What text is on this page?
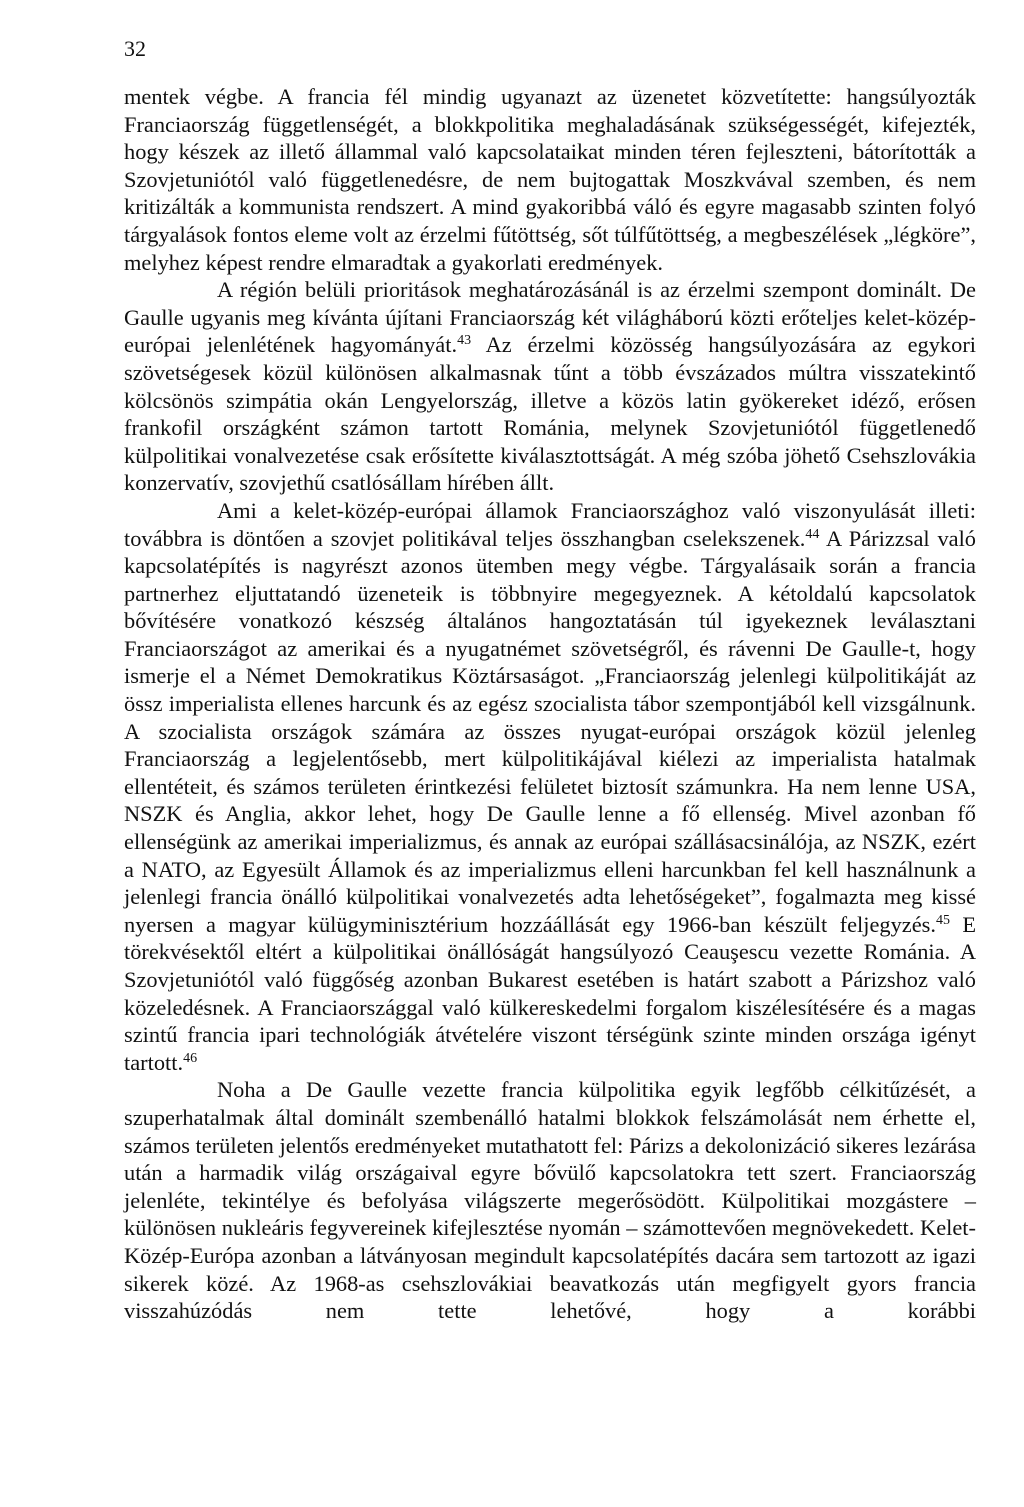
32

mentek végbe. A francia fél mindig ugyanazt az üzenetet közvetítette: hangsúlyozták Franciaország függetlenségét, a blokkpolitika meghaladásának szükségességét, kifejezték, hogy készek az illető állammal való kapcsolataikat minden téren fejleszteni, bátorították a Szovjetuniótól való függetlenedésre, de nem bujtogattak Moszkvával szemben, és nem kritizálták a kommunista rendszert. A mind gyakoribbá váló és egyre magasabb szinten folyó tárgyalások fontos eleme volt az érzelmi fűtöttség, sőt túlfűtöttség, a megbeszélések „légköre”, melyhez képest rendre elmaradtak a gyakorlati eredmények.

A régión belüli prioritások meghatározásánál is az érzelmi szempont dominált. De Gaulle ugyanis meg kívánta újítani Franciaország két világháború közti erőteljes kelet-közép-európai jelenlétének hagyományát.$^{43}$ Az érzelmi közösség hangsúlyozására az egykori szövetségesek közül különösen alkalmasnak tűnt a több évszázados múltra visszatekintő kölcsönös szimpátia okán Lengyelország, illetve a közös latin gyökereket idéző, erősen frankofil országként számon tartott Románia, melynek Szovjetuniótól függetlenedő külpolitikai vonalvezetése csak erősítette kiválasztottságát. A még szóba jöhető Csehszlovákia konzervatív, szovjethű csatlósállam hírében állt.

Ami a kelet-közép-európai államok Franciaországhoz való viszonyulását illeti: továbbra is döntően a szovjet politikával teljes összhangban cselekszenek.$^{44}$ A Párizzsal való kapcsolatépítés is nagyrészt azonos ütemben megy végbe. Tárgyalásaik során a francia partnerhez eljuttatandó üzeneteik is többnyire megegyeznek. A kétoldalú kapcsolatok bővítésére vonatkozó készség általános hangoztatásán túl igyekeznek leválasztani Franciaországot az amerikai és a nyugatnémet szövetségről, és rávenni De Gaulle-t, hogy ismerje el a Német Demokratikus Köztársaságot. „Franciaország jelenlegi külpolitikáját az össz imperialista ellenes harcunk és az egész szocialista tábor szempontjából kell vizsgálnunk. A szocialista országok számára az összes nyugat-európai országok közül jelenleg Franciaország a legjelentősebb, mert külpolitikájával kiélezi az imperialista hatalmak ellentéteit, és számos területen érintkezési felületet biztosít számunkra. Ha nem lenne USA, NSZK és Anglia, akkor lehet, hogy De Gaulle lenne a fő ellenség. Mivel azonban fő ellenségünk az amerikai imperializmus, és annak az európai szállásacsinálója, az NSZK, ezért a NATO, az Egyesült Államok és az imperializmus elleni harcunkban fel kell használnunk a jelenlegi francia önálló külpolitikai vonalvezetés adta lehetőségeket”, fogalmazta meg kissé nyersen a magyar külügyminisztérium hozzáállását egy 1966-ban készült feljegyzés.$^{45}$ E törekvésektől eltért a külpolitikai önállóságát hangsúlyozó Ceauşescu vezette Románia. A Szovjetuniótól való függőség azonban Bukarest esetében is határt szabott a Párizshoz való közeledésnek. A Franciaországgal való külkereskedelmi forgalom kiszélesítésére és a magas szintű francia ipari technológiák átvételére viszont térségünk szinte minden országa igényt tartott.$^{46}$

Noha a De Gaulle vezette francia külpolitika egyik legfőbb célkitűzését, a szuperhatalmak által dominált szembenálló hatalmi blokkok felszámolását nem érhette el, számos területen jelentős eredményeket mutathatott fel: Párizs a dekolonizáció sikeres lezárása után a harmadik világ országaival egyre bővülő kapcsolatokra tett szert. Franciaország jelenléte, tekintélye és befolyása világszerte megerősödött. Külpolitikai mozgástere – különösen nukleáris fegyvereinek kifejlesztése nyomán – számottevően megnövekedett. Kelet-Közép-Európa azonban a látványosan megindult kapcsolatépítés dacára sem tartozott az igazi sikerek közé. Az 1968-as csehszlovákiai beavatkozás után megfigyelt gyors francia visszahúzódás nem tette lehetővé, hogy a korábbi
